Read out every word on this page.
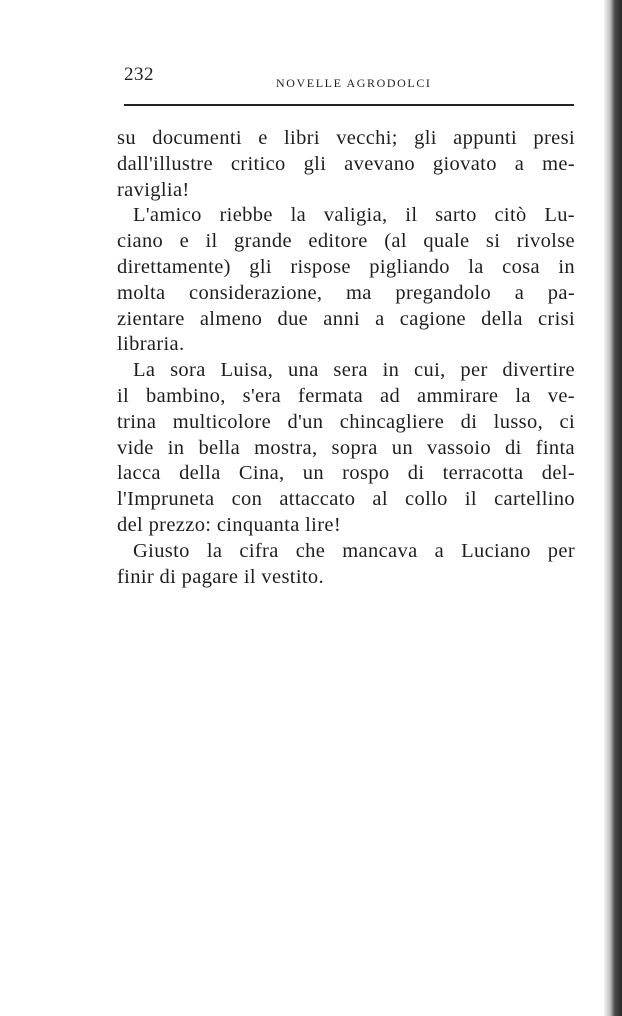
232	NOVELLE AGRODOLCI
su documenti e libri vecchi; gli appunti presi
dall'illustre critico gli avevano giovato a me-
raviglia!
L'amico riebbe la valigia, il sarto citò Lu-
ciano e il grande editore (al quale si rivolse
direttamente) gli rispose pigliando la cosa in
molta considerazione, ma pregandolo a pa-
zientare almeno due anni a cagione della crisi
libraria.
La sora Luisa, una sera in cui, per divertire
il bambino, s'era fermata ad ammirare la ve-
trina multicolore d'un chincagliere di lusso, ci
vide in bella mostra, sopra un vassoio di finta
lacca della Cina, un rospo di terracotta del-
l'Impruneta con attaccato al collo il cartellino
del prezzo: cinquanta lire!
Giusto la cifra che mancava a Luciano per
finir di pagare il vestito.
